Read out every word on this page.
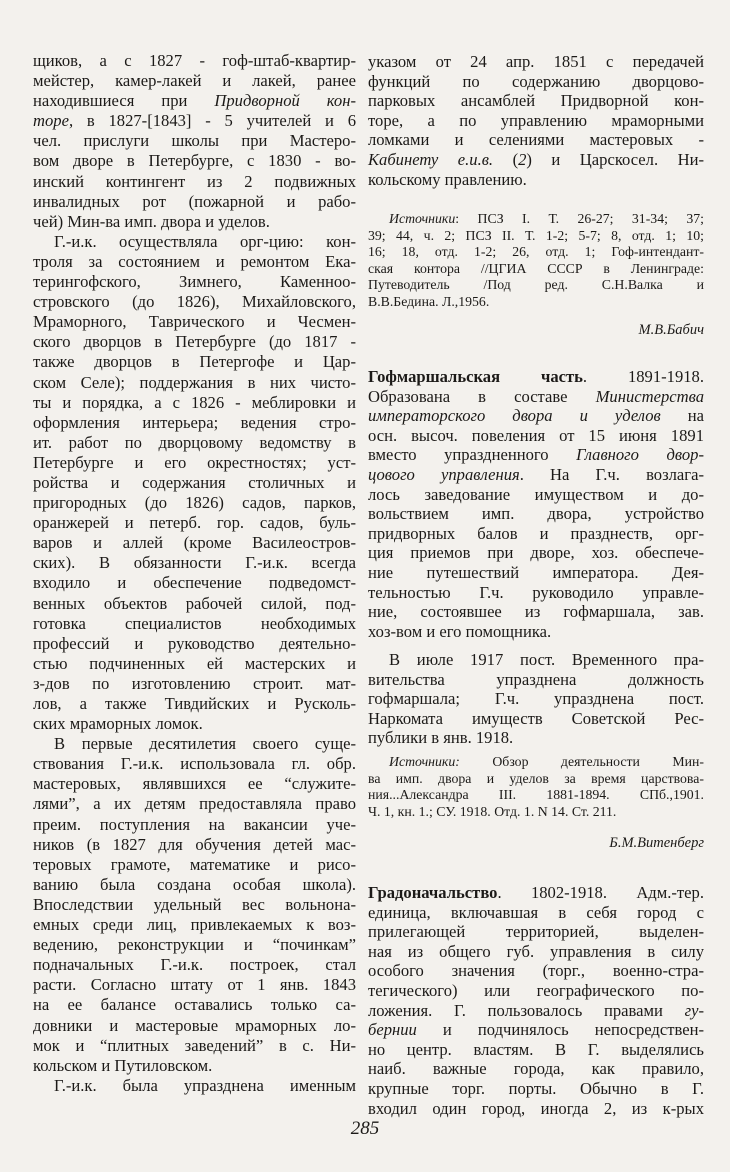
щиков, а с 1827 - гоф-штаб-квартир-
мейстер, камер-лакей и лакей, ранее
находившиеся при Придворной кон-
торе, в 1827-[1843] - 5 учителей и 6
чел. прислуги школы при Мастеро-
вом дворе в Петербурге, с 1830 - во-
инский контингент из 2 подвижных
инвалидных рот (пожарной и рабо-
чей) Мин-ва имп. двора и уделов.
Г.-и.к. осуществляла орг-цию: кон-
троля за состоянием и ремонтом Ека-
терингофского, Зимнего, Каменноо-
стровского (до 1826), Михайловского,
Мраморного, Таврического и Чесмен-
ского дворцов в Петербурге (до 1817 -
также дворцов в Петергофе и Цар-
ском Селе); поддержания в них чисто-
ты и порядка, а с 1826 - меблировки и
оформления интерьера; ведения стро-
ит. работ по дворцовому ведомству в
Петербурге и его окрестностях; уст-
ройства и содержания столичных и
пригородных (до 1826) садов, парков,
оранжерей и петерб. гор. садов, буль-
варов и аллей (кроме Василеостров-
ских). В обязанности Г.-и.к. всегда
входило и обеспечение подведомст-
венных объектов рабочей силой, под-
готовка специалистов необходимых
профессий и руководство деятельно-
стью подчиненных ей мастерских и
з-дов по изготовлению строит. мат-
лов, а также Тивдийских и Русколь-
ских мраморных ломок.
В первые десятилетия своего суще-
ствования Г.-и.к. использовала гл. обр.
мастеровых, являвшихся ее “служите-
лями”, а их детям предоставляла право
преим. поступления на вакансии уче-
ников (в 1827 для обучения детей мас-
теровых грамоте, математике и рисо-
ванию была создана особая школа).
Впоследствии удельный вес вольнона-
емных среди лиц, привлекаемых к воз-
ведению, реконструкции и “починкам”
подначальных Г.-и.к. построек, стал
расти. Согласно штату от 1 янв. 1843
на ее балансе оставались только са-
довники и мастеровые мраморных ло-
мок и “плитных заведений” в с. Ни-
кольском и Путиловском.
Г.-и.к. была упразднена именным
указом от 24 апр. 1851 с передачей
функций по содержанию дворцово-
парковых ансамблей Придворной кон-
торе, а по управлению мраморными
ломками и селениями мастеровых -
Кабинету е.и.в. (2) и Царскосел. Ни-
кольскому правлению.
Источники: ПСЗ I. Т. 26-27; 31-34; 37;
39; 44, ч. 2; ПСЗ II. Т. 1-2; 5-7; 8, отд. 1; 10;
16; 18, отд. 1-2; 26, отд. 1; Гоф-интендант-
ская контора //ЦГИА СССР в Ленинграде:
Путеводитель /Под ред. С.Н.Валка и
В.В.Бедина. Л.,1956.
М.В.Бабич
Гофмаршальская часть. 1891-1918.
Образована в составе Министерства
императорского двора и уделов на
осн. высоч. повеления от 15 июня 1891
вместо упраздненного Главного двор-
цового управления. На Г.ч. возлага-
лось заведование имуществом и до-
вольствием имп. двора, устройство
придворных балов и празднеств, орг-
ция приемов при дворе, хоз. обеспече-
ние путешествий императора. Дея-
тельностью Г.ч. руководило управле-
ние, состоявшее из гофмаршала, зав.
хоз-вом и его помощника.
В июле 1917 пост. Временного пра-
вительства упразднена должность
гофмаршала; Г.ч. упразднена пост.
Наркомата имуществ Советской Рес-
публики в янв. 1918.
Источники: Обзор деятельности Мин-
ва имп. двора и уделов за время царствова-
ния...Александра III. 1881-1894. СПб.,1901.
Ч. 1, кн. 1.; СУ. 1918. Отд. 1. N 14. Ст. 211.
Б.М.Витенберг
Градоначальство. 1802-1918. Адм.-тер.
единица, включавшая в себя город с
прилегающей территорией, выделен-
ная из общего губ. управления в силу
особого значения (торг., военно-стра-
тегического) или географического по-
ложения. Г. пользовалось правами гу-
бернии и подчинялось непосредствен-
но центр. властям. В Г. выделялись
наиб. важные города, как правило,
крупные торг. порты. Обычно в Г.
входил один город, иногда 2, из к-рых
285
